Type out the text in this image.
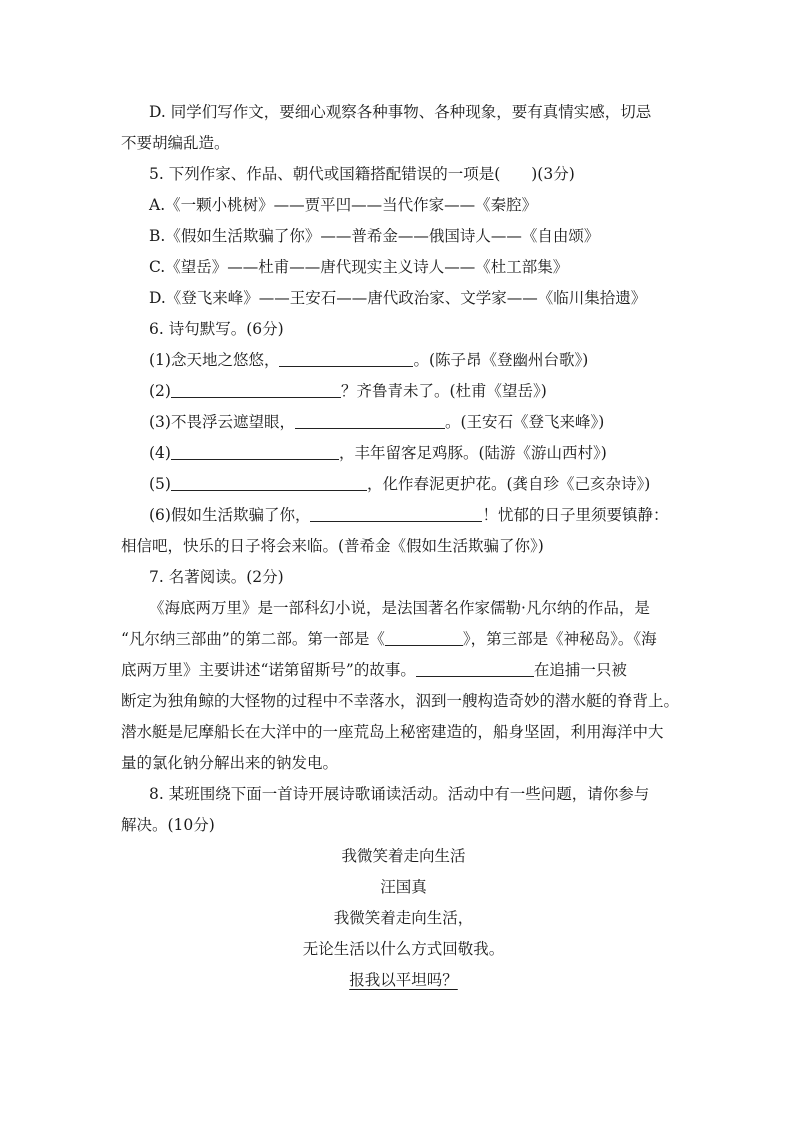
D. 同学们写作文，要细心观察各种事物、各种现象，要有真情实感，切忌

不要胡编乱造。

5. 下列作家、作品、朝代或国籍搭配错误的一项是(　　)(3分)

A.《一颗小桃树》——贾平凹——当代作家——《秦腔》

B.《假如生活欺骗了你》——普希金——俄国诗人——《自由颂》

C.《望岳》——杜甫——唐代现实主义诗人——《杜工部集》

D.《登飞来峰》——王安石——唐代政治家、文学家——《临川集拾遗》

6. 诗句默写。(6分)

(1)念天地之悠悠，	。(陈子昂《登幽州台歌》)

(2)	？齐鲁青未了。(杜甫《望岳》)

(3)不畏浮云遮望眼，	。(王安石《登飞来峰》)

(4)	，丰年留客足鸡豚。(陆游《游山西村》)

(5)	，化作春泥更护花。(龚自珍《己亥杂诗》)

(6)假如生活欺骗了你，	！忧郁的日子里须要镇静：

相信吧，快乐的日子将会来临。(普希金《假如生活欺骗了你》)

7. 名著阅读。(2分)

《海底两万里》是一部科幻小说，是法国著名作家儒勒·凡尔纳的作品，是

“凡尔纳三部曲”的第二部。第一部是《	》，第三部是《神秘岛》。《海

底两万里》主要讲述“诺第留斯号”的故事。	在追捕一只被

断定为独角鲸的大怪物的过程中不幸落水，泅到一艘构造奇妙的潜水艇的脊背上。

潜水艇是尼摩船长在大洋中的一座荒岛上秘密建造的，船身坚固，利用海洋中大

量的氯化钠分解出来的钠发电。

8. 某班围绕下面一首诗开展诗歌诵读活动。活动中有一些问题，请你参与

解决。(10分)

我微笑着走向生活

汪国真

我微笑着走向生活，

无论生活以什么方式回敬我。

报我以平坦吗？
